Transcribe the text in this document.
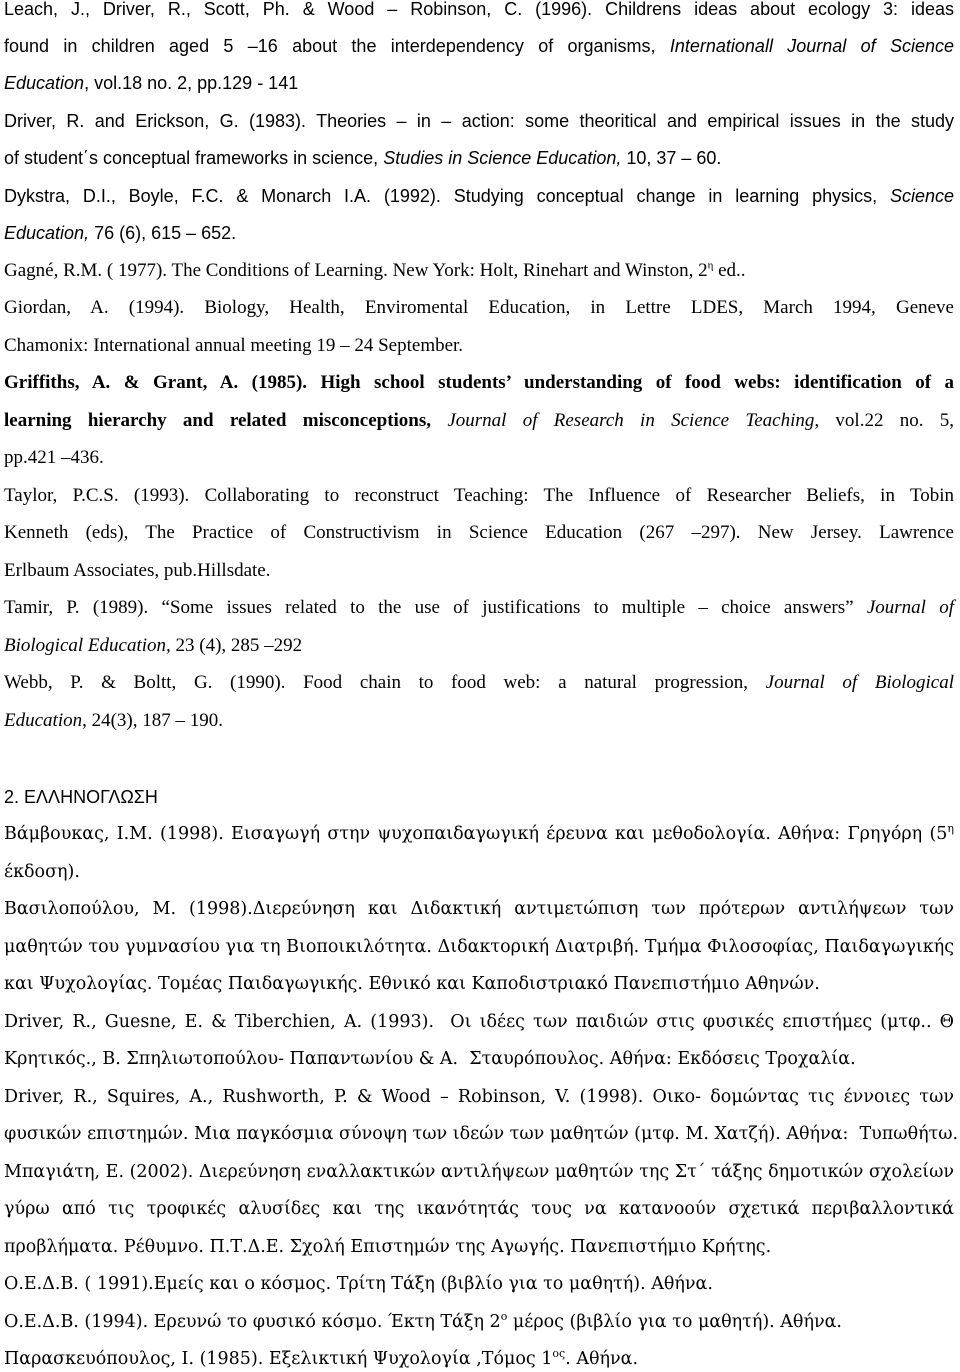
Leach, J., Driver, R., Scott, Ph. & Wood – Robinson, C. (1996). Childrens ideas about ecology 3: ideas
found in children aged 5 –16 about the interdependency of organisms, Internationall Journal of Science
Education, vol.18 no. 2, pp.129 - 141
Driver, R. and Erickson, G. (1983). Theories – in – action: some theoritical and empirical issues in the study
of student΄s conceptual frameworks in science, Studies in Science Education, 10, 37 – 60.
Dykstra, D.I., Boyle, F.C. & Monarch I.A. (1992). Studying conceptual change in learning physics, Science
Education, 76 (6), 615 – 652.
Gagné, R.M. ( 1977). The Conditions of Learning. New York: Holt, Rinehart and Winston, $2^\eta$ ed..
Giordan, A. (1994). Biology, Health, Enviromental Education, in Lettre LDES, March 1994, Geneve
Chamonix: International annual meeting 19 – 24 September.
Griffiths, A. & Grant, A. (1985). High school students’ understanding of food webs: identification of a
learning hierarchy and related misconceptions, Journal of Research in Science Teaching, vol.22 no. 5,
pp.421 –436.
Taylor, P.C.S. (1993). Collaborating to reconstruct Teaching: The Influence of Researcher Beliefs, in Tobin
Kenneth (eds), The Practice of Constructivism in Science Education (267 –297). New Jersey. Lawrence
Erlbaum Associates, pub.Hillsdate.
Tamir, P. (1989). “Some issues related to the use of justifications to multiple – choice answers” Journal of
Biological Education, 23 (4), 285 –292
Webb, P. & Boltt, G. (1990). Food chain to food web: a natural progression, Journal of Biological
Education, 24(3), 187 – 190.
2. ΕΛΛΗΝΟΓΛΩΣΗ
Βάμβουκας, Ι.Μ. (1998). Εισαγωγή στην ψυχοπαιδαγωγική έρευνα και μεθοδολογία. Αθήνα: Γρηγόρη ($5^\eta$
έκδοση).
Βασιλοπούλου, Μ. (1998).Διερεύνηση και Διδακτική αντιμετώπιση των πρότερων αντιλήψεων των
μαθητών του γυμνασίου για τη Βιοποικιλότητα. Διδακτορική Διατριβή. Τμήμα Φιλοσοφίας, Παιδαγωγικής
και Ψυχολογίας. Τομέας Παιδαγωγικής. Εθνικό και Καποδιστριακό Πανεπιστήμιο Αθηνών.
Driver, R., Guesne, E. & Tiberchien, A. (1993).  Οι ιδέες των παιδιών στις φυσικές επιστήμες (μτφ.. Θ
Κρητικός., Β. Σπηλιωτοπούλου- Παπαντωνίου & Α.  Σταυρόπουλος. Αθήνα: Εκδόσεις Τροχαλία.
Driver, R., Squires, A., Rushworth, P. & Wood – Robinson, V. (1998). Οικο- δομώντας τις έννοιες των
φυσικών επιστημών. Μια παγκόσμια σύνοψη των ιδεών των μαθητών (μτφ. Μ. Χατζή). Αθήνα:  Τυπωθήτω.
Μπαγιάτη, Ε. (2002). Διερεύνηση εναλλακτικών αντιλήψεων μαθητών της Στ΄ τάξης δημοτικών σχολείων
γύρω από τις τροφικές αλυσίδες και της ικανότητάς τους να κατανοούν σχετικά περιβαλλοντικά
προβλήματα. Ρέθυμνο. Π.Τ.Δ.Ε. Σχολή Επιστημών της Αγωγής. Πανεπιστήμιο Κρήτης.
Ο.Ε.Δ.Β. ( 1991).Εμείς και ο κόσμος. Τρίτη Τάξη (βιβλίο για το μαθητή). Αθήνα.
Ο.Ε.Δ.Β. (1994). Ερευνώ το φυσικό κόσμο. Έκτη Τάξη $2^o$ μέρος (βιβλίο για το μαθητή). Αθήνα.
Παρασκευόπουλος, Ι. (1985). Εξελικτική Ψυχολογία ,Τόμος $1^{o\varsigma}$. Αθήνα.
